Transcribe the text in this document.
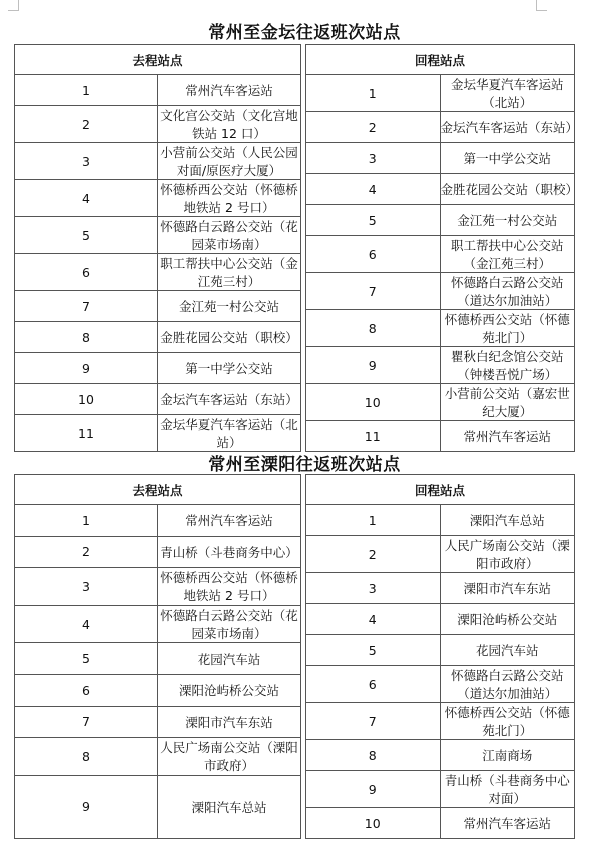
常州至金坛往返班次站点
去程站点	
1	常州汽车客运站
2	文化宫公交站（文化宫地铁站 12 口）
3	小营前公交站（人民公园对面/原医疗大厦）
4	怀德桥西公交站（怀德桥地铁站 2 号口）
5	怀德路白云路公交站（花园菜市场南）
6	职工帮扶中心公交站（金江苑三村）
7	金江苑一村公交站
8	金胜花园公交站（职校）
9	第一中学公交站
10	金坛汽车客运站（东站）
11	金坛华夏汽车客运站（北站）
回程站点	
1	金坛华夏汽车客运站（北站）
2	金坛汽车客运站（东站）
3	第一中学公交站
4	金胜花园公交站（职校）
5	金江苑一村公交站
6	职工帮扶中心公交站（金江苑三村）
7	怀德路白云路公交站（道达尔加油站）
8	怀德桥西公交站（怀德苑北门）
9	瞿秋白纪念馆公交站（钟楼吾悦广场）
10	小营前公交站（嘉宏世纪大厦）
11	常州汽车客运站
常州至溧阳往返班次站点
去程站点	
1	常州汽车客运站
2	青山桥（斗巷商务中心）
3	怀德桥西公交站（怀德桥地铁站 2 号口）
4	怀德路白云路公交站（花园菜市场南）
5	花园汽车站
6	溧阳沧屿桥公交站
7	溧阳市汽车东站
8	人民广场南公交站（溧阳市政府）
9	溧阳汽车总站
回程站点	
1	溧阳汽车总站
2	人民广场南公交站（溧阳市政府）
3	溧阳市汽车东站
4	溧阳沧屿桥公交站
5	花园汽车站
6	怀德路白云路公交站（道达尔加油站）
7	怀德桥西公交站（怀德苑北门）
8	江南商场
9	青山桥（斗巷商务中心对面）
10	常州汽车客运站
